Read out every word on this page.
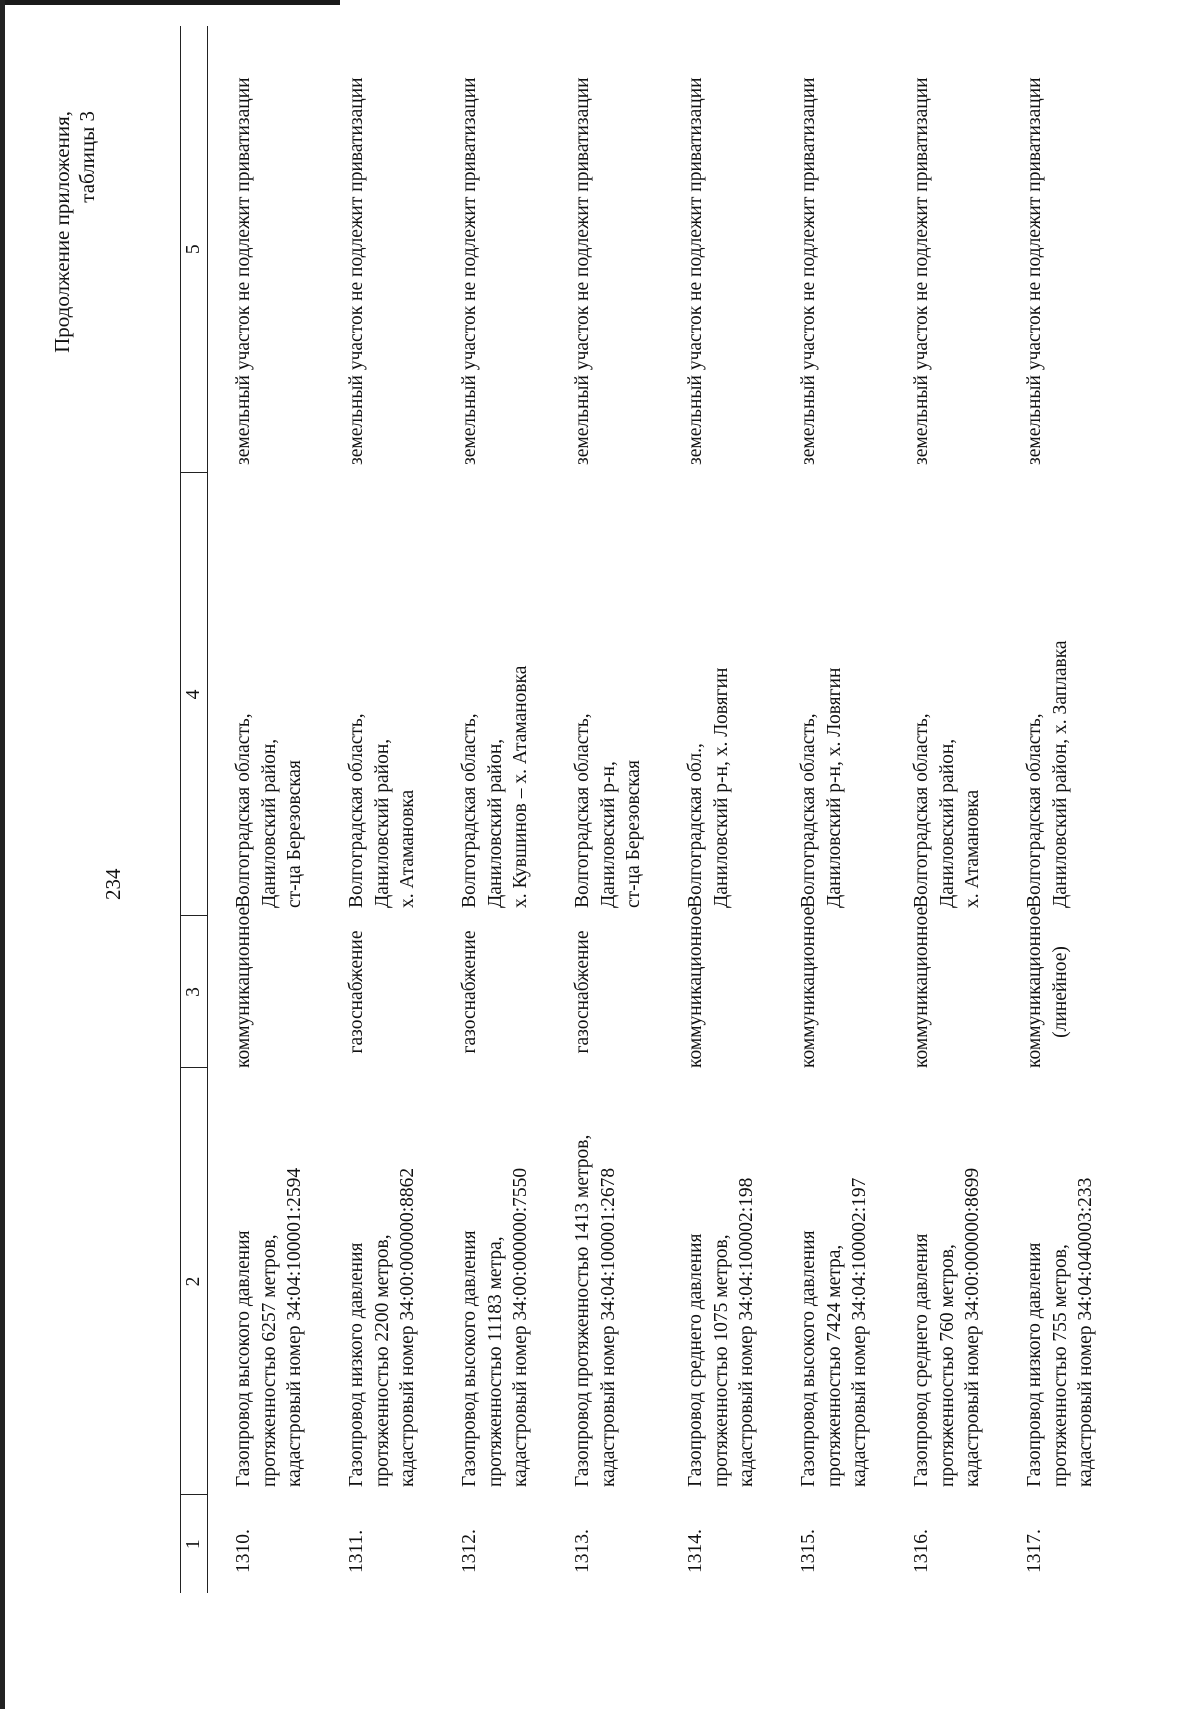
234
Продолжение приложения, таблицы 3
1	2	3	4	5
1310.	Газопровод высокого давления протяженностью 6257 метров, кадастровый номер 34:04:100001:2594	коммуникационное	Волгоградская область, Даниловский район, ст-ца Березовская	земельный участок не подлежит приватизации

1311.	Газопровод низкого давления протяженностью 2200 метров, кадастровый номер 34:00:000000:8862	газоснабжение	Волгоградская область, Даниловский район, х. Атамановка	земельный участок не подлежит приватизации

1312.	Газопровод высокого давления протяженностью 11183 метра, кадастровый номер 34:00:000000:7550	газоснабжение	Волгоградская область, Даниловский район, х. Кувшинов – х. Атамановка	земельный участок не подлежит приватизации

1313.	Газопровод протяженностью 1413 метров, кадастровый номер 34:04:100001:2678	газоснабжение	Волгоградская область, Даниловский р-н, ст-ца Березовская	земельный участок не подлежит приватизации

1314.	Газопровод среднего давления протяженностью 1075 метров, кадастровый номер 34:04:100002:198	коммуникационное	Волгоградская обл., Даниловский р-н, х. Ловягин	земельный участок не подлежит приватизации

1315.	Газопровод высокого давления протяженностью 7424 метра, кадастровый номер 34:04:100002:197	коммуникационное	Волгоградская область, Даниловский р-н, х. Ловягин	земельный участок не подлежит приватизации

1316.	Газопровод среднего давления протяженностью 760 метров, кадастровый номер 34:00:000000:8699	коммуникационное	Волгоградская область, Даниловский район, х. Атамановка	земельный участок не подлежит приватизации

1317.	Газопровод низкого давления протяженностью 755 метров, кадастровый номер 34:04:040003:233	коммуникационное (линейное)	Волгоградская область, Даниловский район, х. Заплавка	земельный участок не подлежит приватизации
